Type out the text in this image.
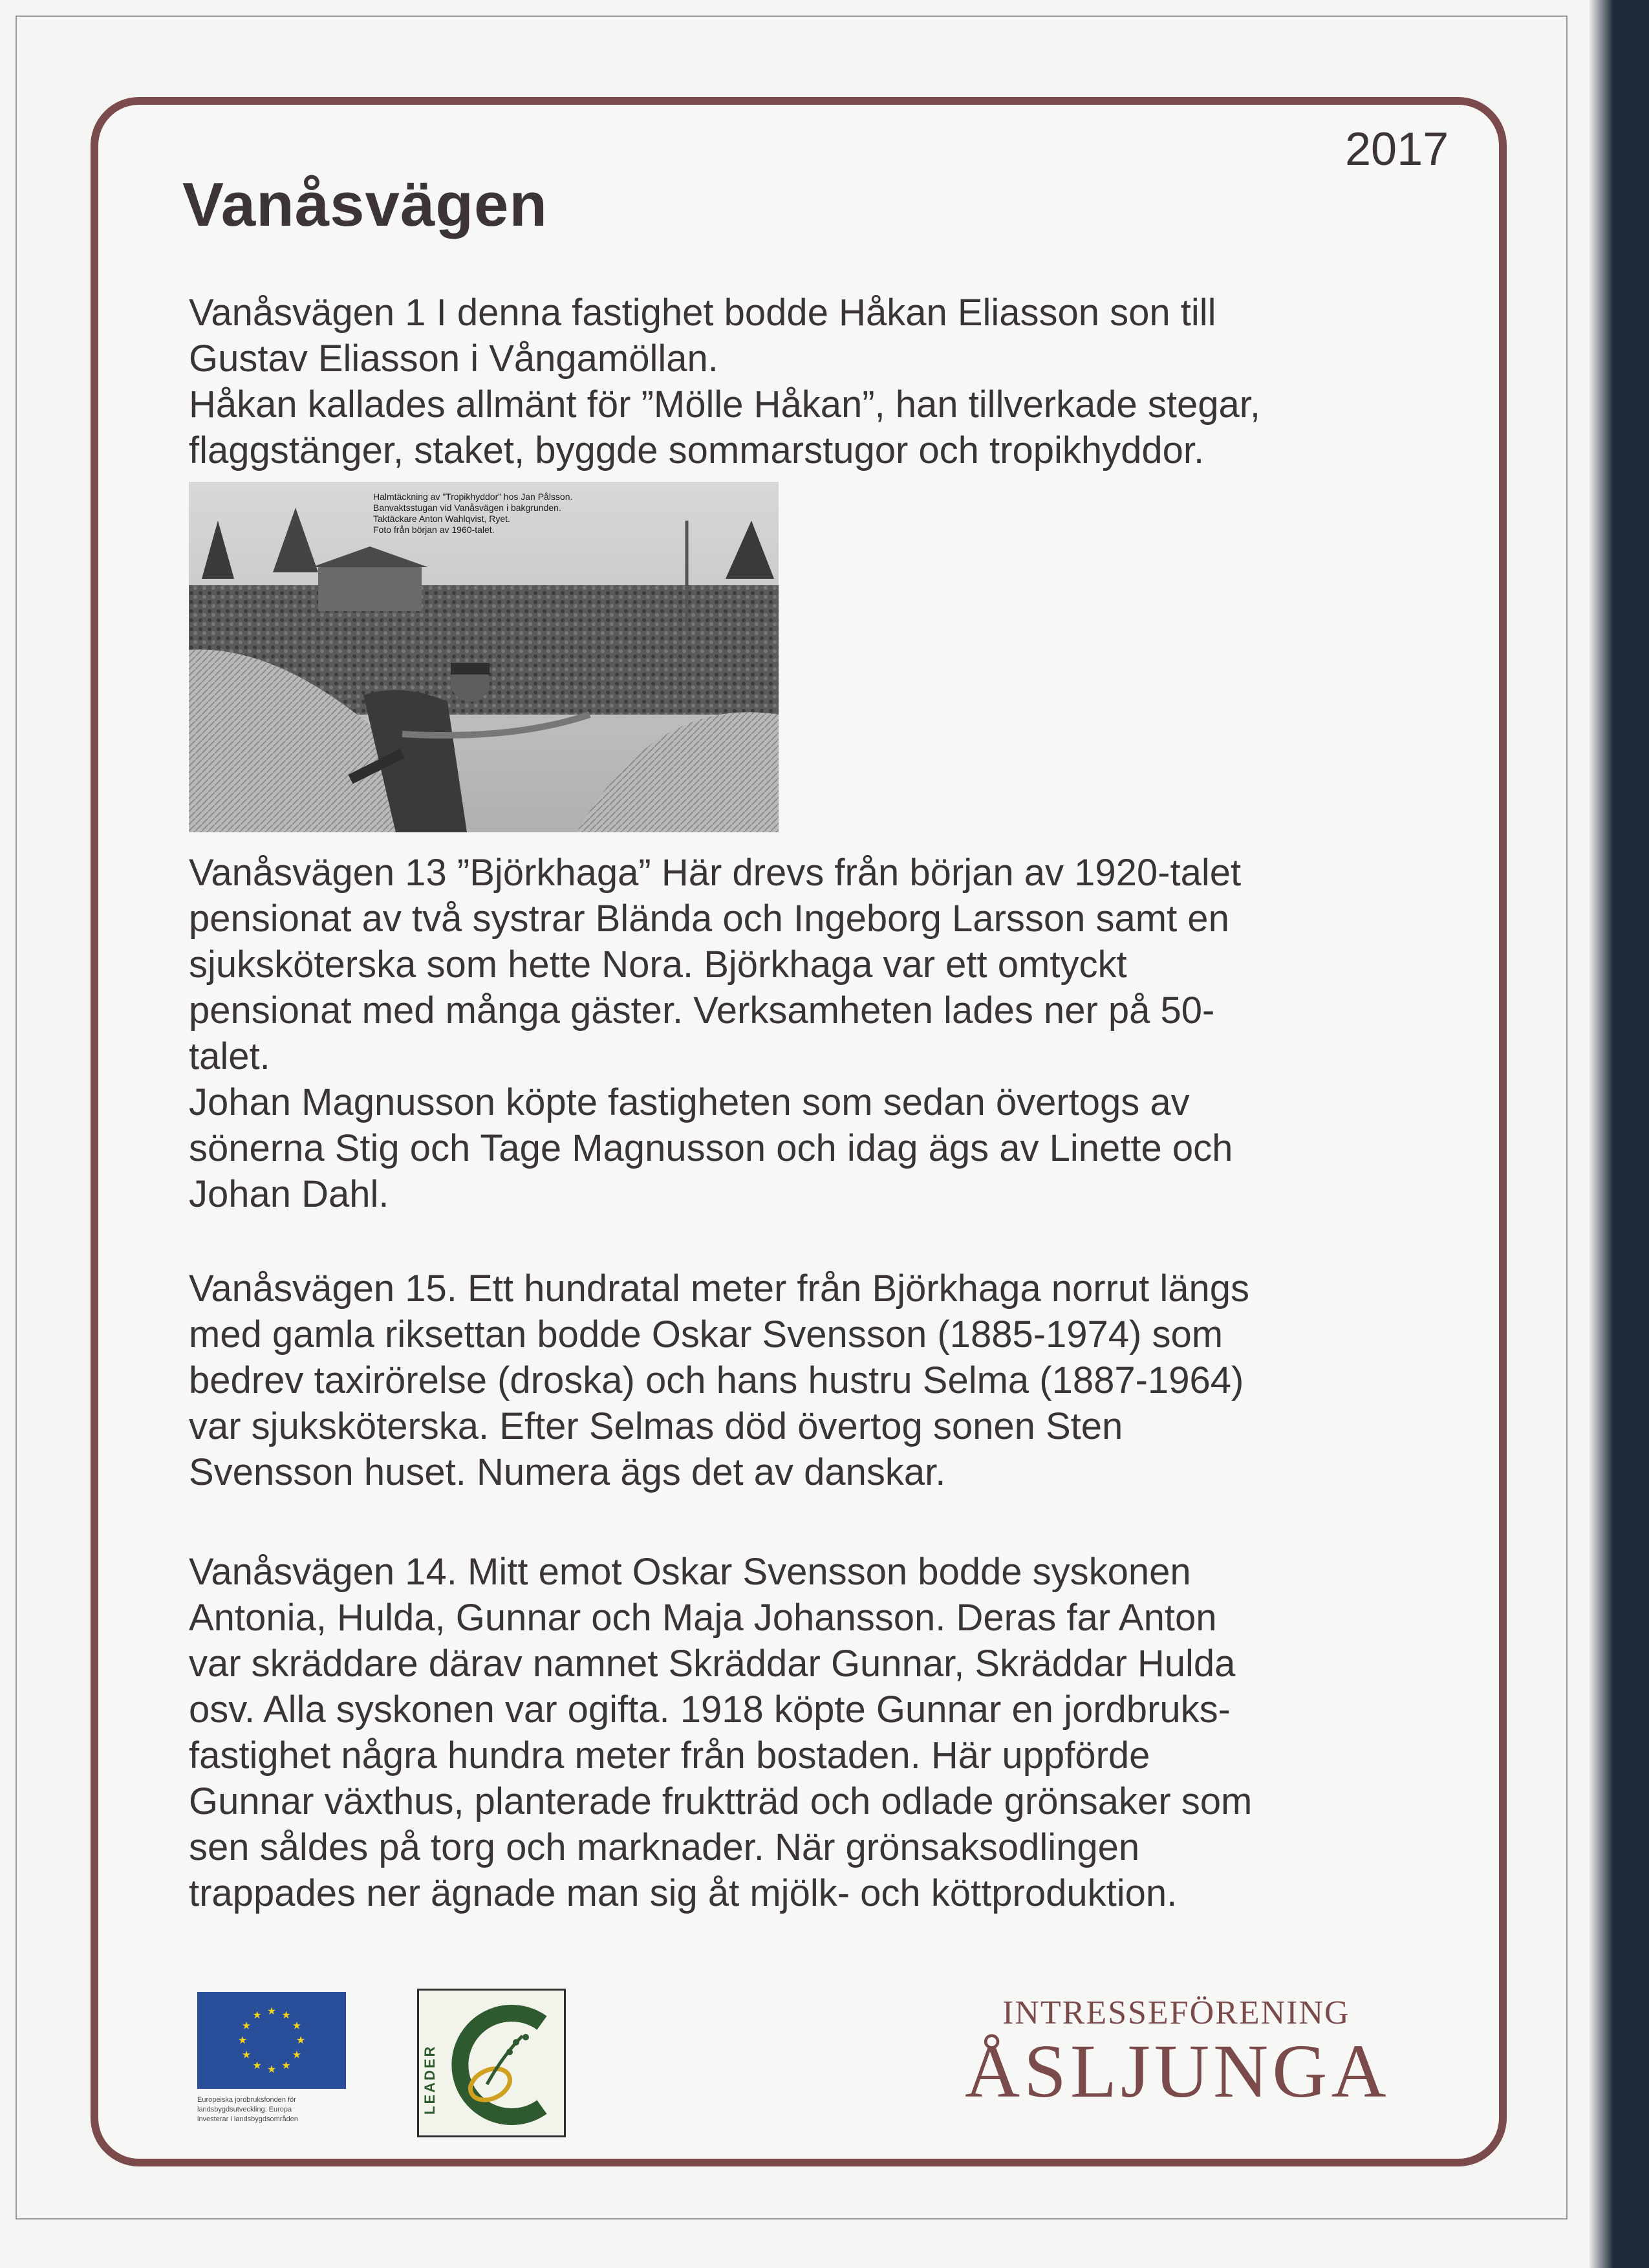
2017
Vanåsvägen
Vanåsvägen 1 I denna fastighet bodde Håkan Eliasson son till
Gustav Eliasson i Vångamöllan.
Håkan kallades allmänt för ”Mölle Håkan”, han tillverkade stegar,
flaggstänger, staket, byggde sommarstugor och tropikhyddor.
Halmtäckning av ”Tropikhyddor” hos Jan Pålsson.
Banvaktsstugan vid Vanåsvägen i bakgrunden.
Taktäckare Anton Wahlqvist, Ryet.
Foto från början av 1960-talet.
Vanåsvägen 13 ”Björkhaga” Här drevs från början av 1920-talet
pensionat av två systrar Blända och Ingeborg Larsson samt en
sjuksköterska som hette Nora. Björkhaga var ett omtyckt
pensionat med många gäster. Verksamheten lades ner på 50-
talet.
Johan Magnusson köpte fastigheten som sedan övertogs av
sönerna Stig och Tage Magnusson och idag ägs av Linette och
Johan Dahl.
Vanåsvägen 15. Ett hundratal meter från Björkhaga norrut längs
med gamla riksettan bodde Oskar Svensson (1885-1974) som
bedrev taxirörelse (droska) och hans hustru Selma (1887-1964)
var sjuksköterska. Efter Selmas död övertog sonen Sten
Svensson huset. Numera ägs det av danskar.
Vanåsvägen 14. Mitt emot Oskar Svensson bodde syskonen
Antonia, Hulda, Gunnar och Maja Johansson. Deras far Anton
var skräddare därav namnet Skräddar Gunnar, Skräddar Hulda
osv. Alla syskonen var ogifta. 1918 köpte Gunnar en jordbruks-
fastighet några hundra meter från bostaden. Här uppförde
Gunnar växthus, planterade fruktträd och odlade grönsaker som
sen såldes på torg och marknader. När grönsaksodlingen
trappades ner ägnade man sig åt mjölk- och köttproduktion.
★
★
★
★
★
★
★
★
★ ★ ★
★
Europeiska jordbruksfonden för
landsbygdsutveckling: Europa
investerar i landsbygdsområden
LEADER
INTRESSEFÖRENING
ÅSLJUNGA
